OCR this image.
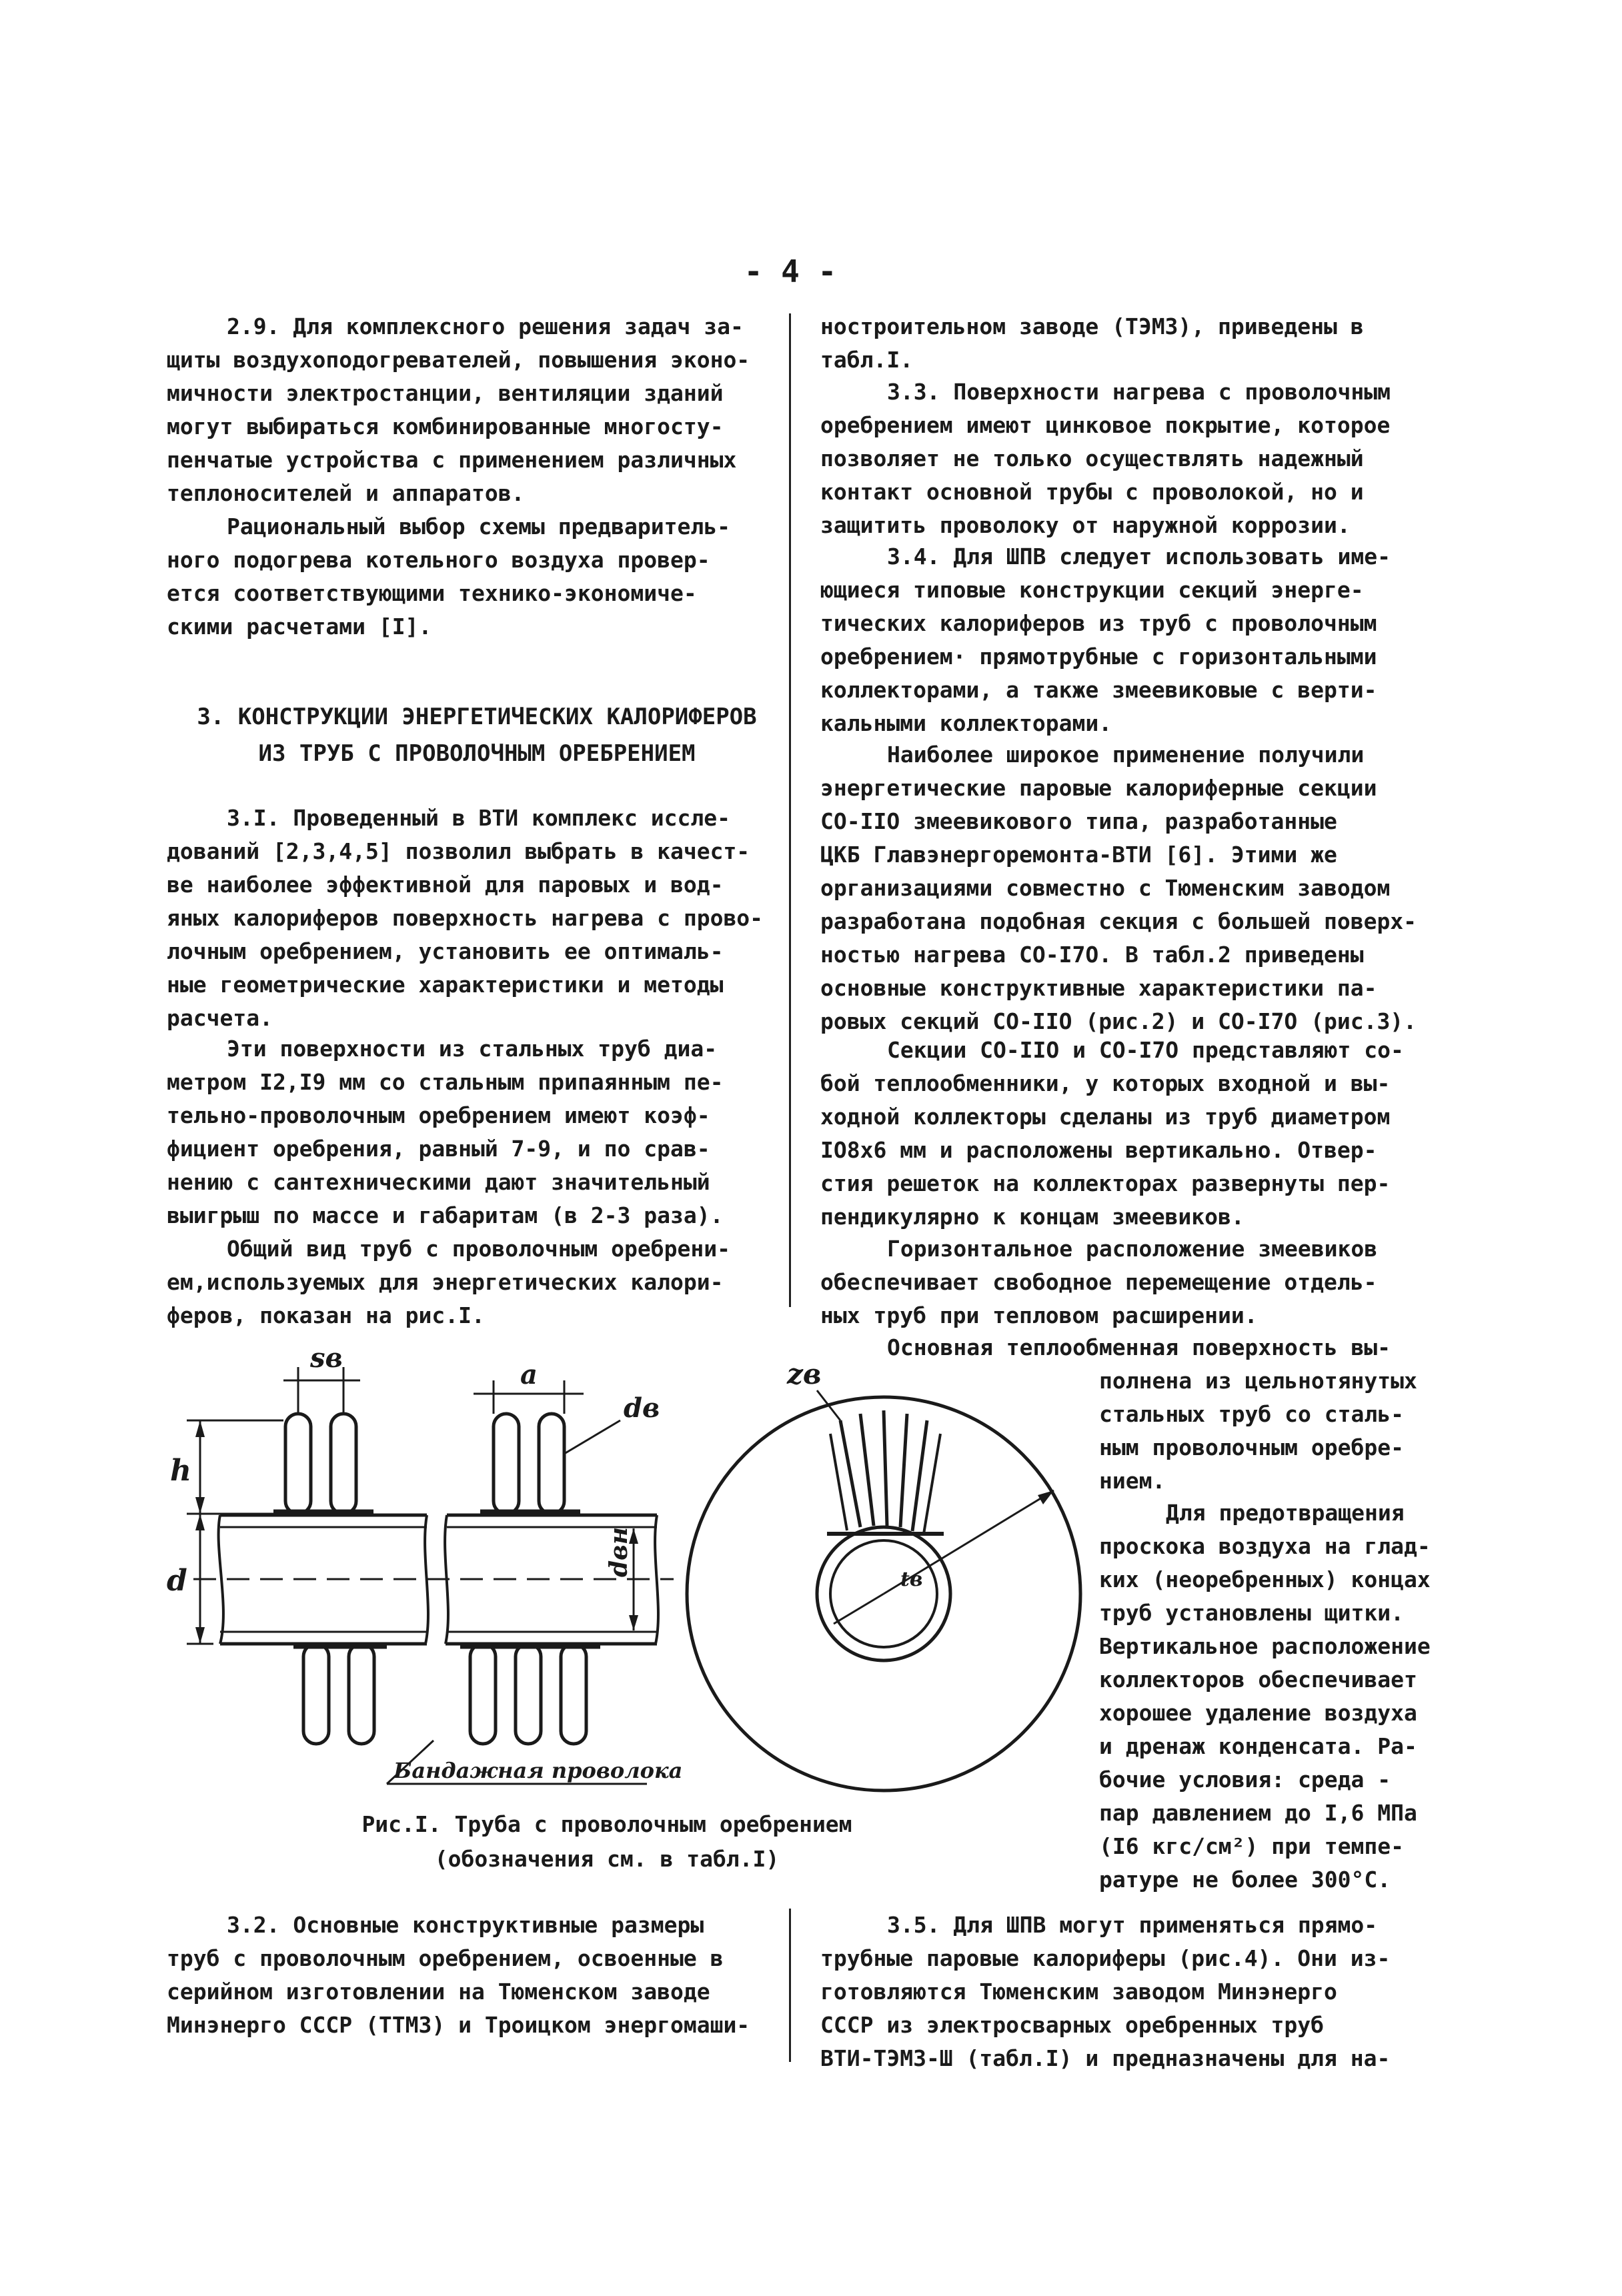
- 4 -

2.9. Для комплексного решения задач за-
щиты воздухоподогревателей, повышения эконо-
мичности электростанции, вентиляции зданий
могут выбираться комбинированные многосту-
пенчатые устройства с применением различных
теплоносителей и аппаратов.

Рациональный выбор схемы предваритель-
ного подогрева котельного воздуха провер-
ется соответствующими технико-экономиче-
скими расчетами [I].

3. КОНСТРУКЦИИ ЭНЕРГЕТИЧЕСКИХ КАЛОРИФЕРОВ
ИЗ ТРУБ С ПРОВОЛОЧНЫМ ОРЕБРЕНИЕМ

3.I. Проведенный в ВТИ комплекс иссле-
дований [2,3,4,5] позволил выбрать в качест-
ве наиболее эффективной для паровых и вод-
яных калориферов поверхность нагрева с прово-
лочным оребрением, установить ее оптималь-
ные геометрические характеристики и методы
расчета.

Эти поверхности из стальных труб диа-
метром I2,I9 мм со стальным припаянным пе-
тельно-проволочным оребрением имеют коэф-
фициент оребрения, равный 7-9, и по срав-
нению с сантехническими дают значительный
выигрыш по массе и габаритам (в 2-3 раза).

Общий вид труб с проволочным оребрени-
ем,используемых для энергетических калори-
феров, показан на рис.I.

3.2. Основные конструктивные размеры
труб с проволочным оребрением, освоенные в
серийном изготовлении на Тюменском заводе
Минэнерго СССР (ТТМЗ) и Троицком энергомаши-

ностроительном заводе (ТЭМЗ), приведены в
табл.I.

3.3. Поверхности нагрева с проволочным
оребрением имеют цинковое покрытие, которое
позволяет не только осуществлять надежный
контакт основной трубы с проволокой, но и
защитить проволоку от наружной коррозии.

3.4. Для ШПВ следует использовать име-
ющиеся типовые конструкции секций энерге-
тических калориферов из труб с проволочным
оребрением· прямотрубные с горизонтальными
коллекторами, а также змеевиковые с верти-
кальными коллекторами.

Наиболее широкое применение получили
энергетические паровые калориферные секции
СО-IIО змеевикового типа, разработанные
ЦКБ Главэнергоремонта-ВТИ [6]. Этими же
организациями совместно с Тюменским заводом
разработана подобная секция с большей поверх-
ностью нагрева СО-I7О. В табл.2 приведены
основные конструктивные характеристики па-
ровых секций СО-IIО (рис.2) и СО-I7О (рис.3).

Секции СО-IIО и СО-I7О представляют со-
бой теплообменники, у которых входной и вы-
ходной коллекторы сделаны из труб диаметром
IO8х6 мм и расположены вертикально. Отвер-
стия решеток на коллекторах развернуты пер-
пендикулярно к концам змеевиков.

Горизонтальное расположение змеевиков
обеспечивает свободное перемещение отдель-
ных труб при тепловом расширении.

Основная теплообменная поверхность вы-

полнена из цельнотянутых
стальных труб со сталь-
ным проволочным оребре-
нием.

Для предотвращения
проскока воздуха на глад-
ких (неоребренных) концах
труб установлены щитки.
Вертикальное расположение
коллекторов обеспечивает
хорошее удаление воздуха
и дренаж конденсата. Ра-
бочие условия: среда -
пар давлением до I,6 МПа
(I6 кгс/см²) при темпе-
ратуре не более 300°С.

3.5. Для ШПВ могут применяться прямо-
трубные паровые калориферы (рис.4). Они из-
готовляются Тюменским заводом Минэнерго
СССР из электросварных оребренных труб
ВТИ-ТЭМЗ-Ш (табл.I) и предназначены для на-

h
d
sв
a
dв
dвн
Бандажная проволока
zв
tв
Рис.I. Труба с проволочным оребрением
(обозначения см. в табл.I)
